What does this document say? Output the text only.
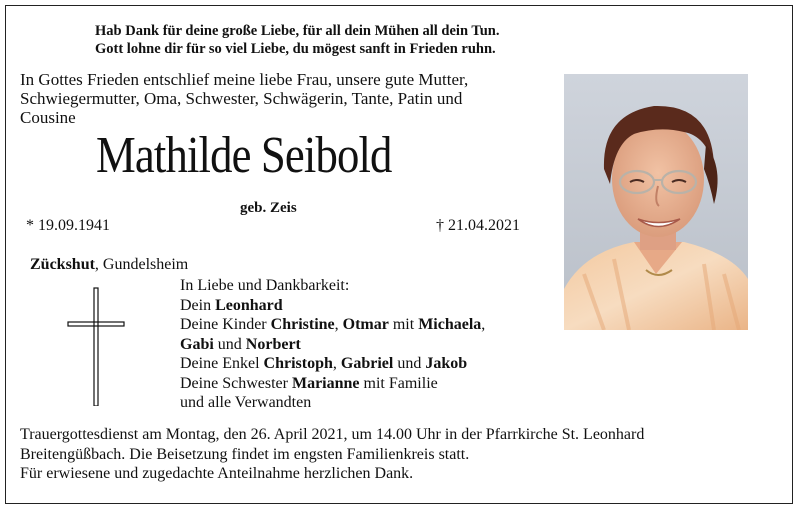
Hab Dank für deine große Liebe, für all dein Mühen all dein Tun.
Gott lohne dir für so viel Liebe, du mögest sanft in Frieden ruhn.
In Gottes Frieden entschlief meine liebe Frau, unsere gute Mutter,
Schwiegermutter, Oma, Schwester, Schwägerin, Tante, Patin und
Cousine
Mathilde Seibold
geb. Zeis
* 19.09.1941	† 21.04.2021
Zückshut, Gundelsheim
In Liebe und Dankbarkeit:
Dein Leonhard
Deine Kinder Christine, Otmar mit Michaela,
Gabi und Norbert
Deine Enkel Christoph, Gabriel und Jakob
Deine Schwester Marianne mit Familie
und alle Verwandten
Trauergottesdienst am Montag, den 26. April 2021, um 14.00 Uhr in der Pfarrkirche St. Leonhard
Breitengüßbach. Die Beisetzung findet im engsten Familienkreis statt.
Für erwiesene und zugedachte Anteilnahme herzlichen Dank.
